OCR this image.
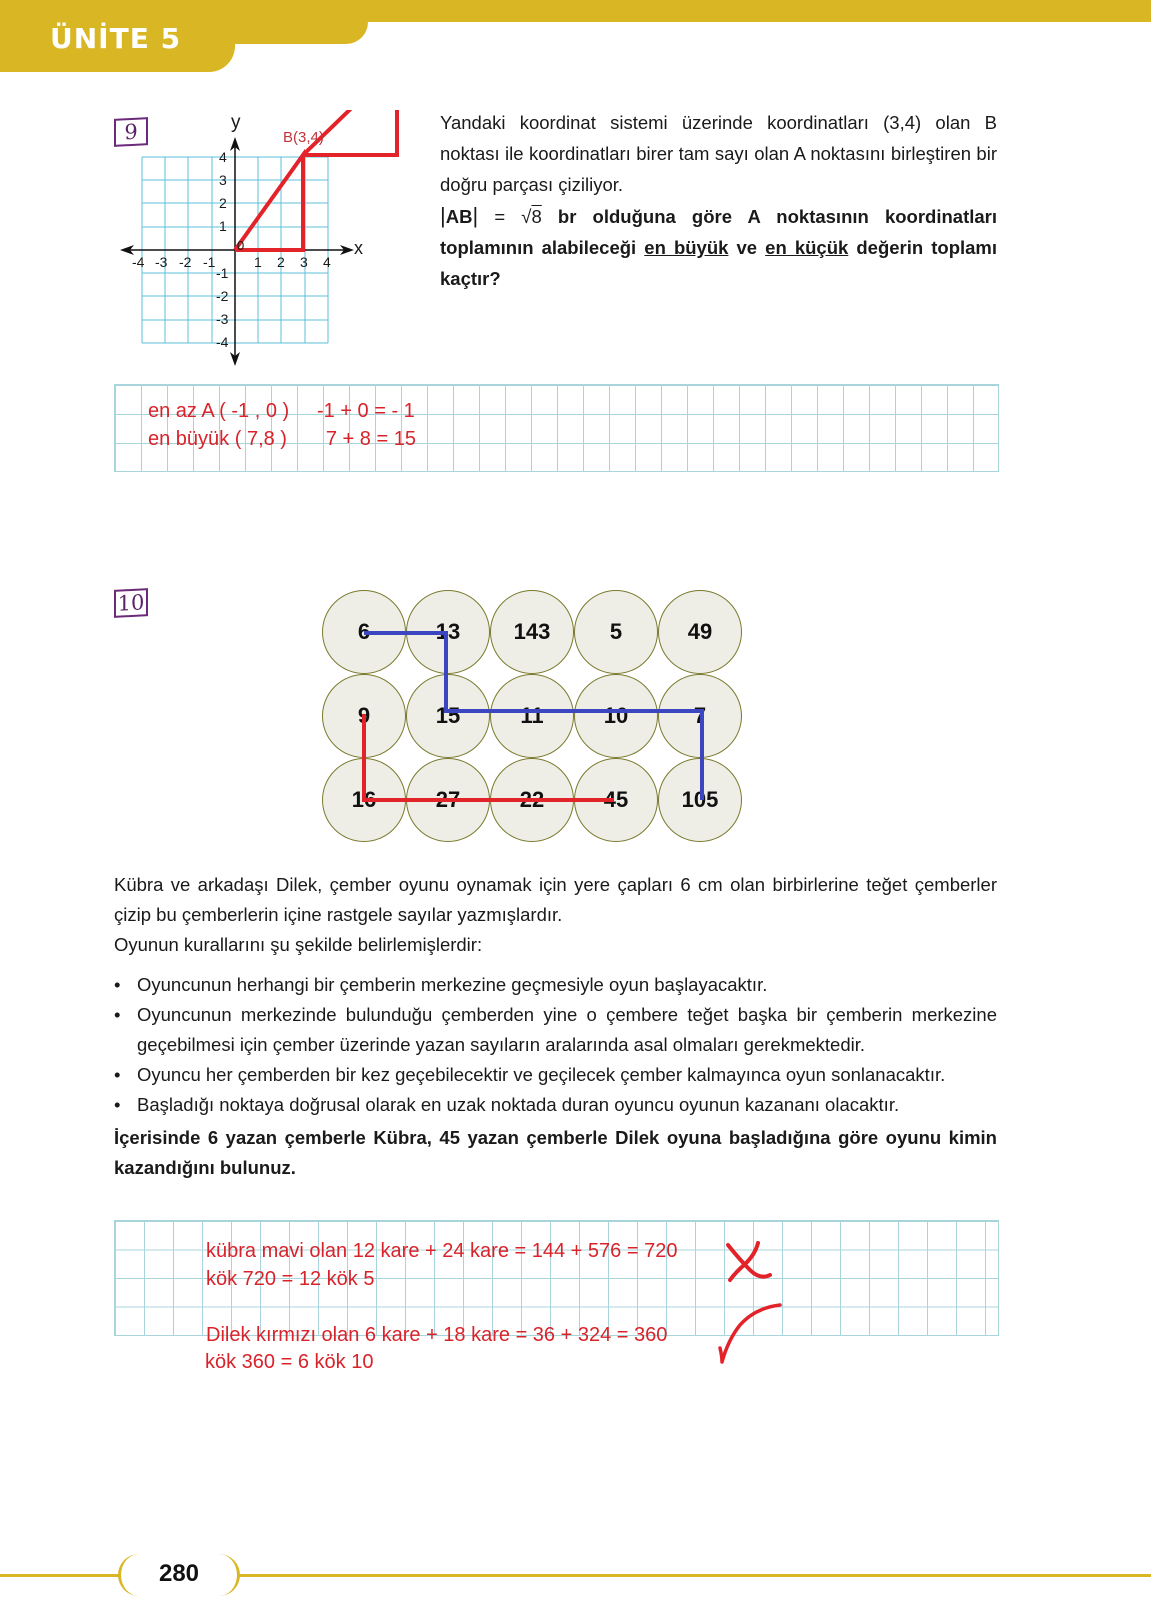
ÜNİTE 5
9	y
x
B(3,4)
0
-4 -3 -2 -1	1 2 3 4
4
3
2
1
-1
-2
-3
-4
Yandaki koordinat sistemi üzerinde koordinatları (3,4) olan B noktası ile koordinatları birer tam sayı olan A noktasını birleştiren bir doğru parçası çiziliyor.
|AB| = √8 br olduğuna göre A noktasının koordinatları toplamının alabileceği en büyük ve en küçük değerin toplamı kaçtır?
en az A ( -1 , 0 )     -1 + 0 = - 1
en büyük ( 7,8 )       7 + 8 = 15
10
6	13	143	5	49
9	15	11	10	7
16	27	22	45	105
Kübra ve arkadaşı Dilek, çember oyunu oynamak için yere çapları 6 cm olan birbirlerine teğet çemberler çizip bu çemberlerin içine rastgele sayılar yazmışlardır.
Oyunun kurallarını şu şekilde belirlemişlerdir:
• Oyuncunun herhangi bir çemberin merkezine geçmesiyle oyun başlayacaktır.
• Oyuncunun merkezinde bulunduğu çemberden yine o çembere teğet başka bir çemberin merkezine geçebilmesi için çember üzerinde yazan sayıların aralarında asal olmaları gerekmektedir.
• Oyuncu her çemberden bir kez geçebilecektir ve geçilecek çember kalmayınca oyun sonlanacaktır.
• Başladığı noktaya doğrusal olarak en uzak noktada duran oyuncu oyunun kazananı olacaktır.
İçerisinde 6 yazan çemberle Kübra, 45 yazan çemberle Dilek oyuna başladığına göre oyunu kimin kazandığını bulunuz.
kübra mavi olan 12 kare + 24 kare = 144 + 576 = 720
kök 720 = 12 kök 5
Dilek kırmızı olan 6 kare + 18 kare = 36 + 324 = 360
kök 360 = 6 kök 10
280
